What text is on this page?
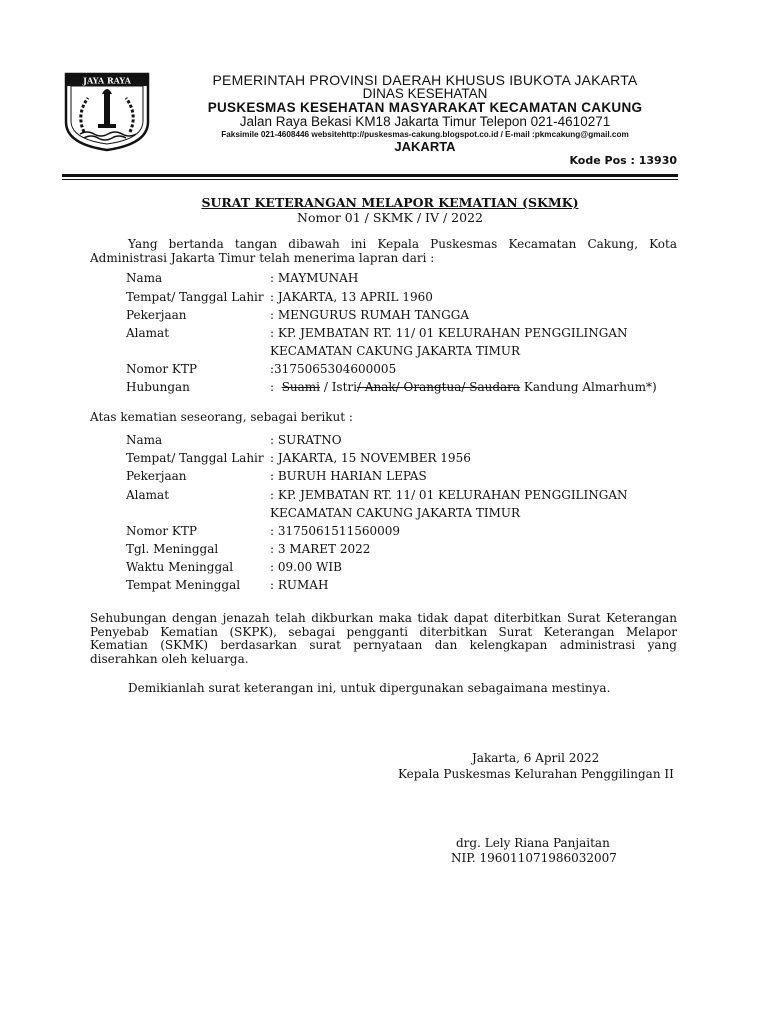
JAYA RAYA	PEMERINTAH PROVINSI DAERAH KHUSUS IBUKOTA JAKARTA
DINAS KESEHATAN
PUSKESMAS KESEHATAN MASYARAKAT KECAMATAN CAKUNG
Jalan Raya Bekasi KM18 Jakarta Timur Telepon 021-4610271
Faksimile 021-4608446 websitehttp://puskesmas-cakung.blogspot.co.id / E-mail :pkmcakung@gmail.com
JAKARTA
Kode Pos : 13930
SURAT KETERANGAN MELAPOR KEMATIAN (SKMK)
Nomor 01 / SKMK / IV / 2022
Yang bertanda tangan dibawah ini Kepala Puskesmas Kecamatan Cakung, Kota Administrasi Jakarta Timur telah menerima lapran dari :
Nama	: MAYMUNAH
Tempat/ Tanggal Lahir : JAKARTA, 13 APRIL 1960
Pekerjaan	: MENGURUS RUMAH TANGGA
Alamat	: KP. JEMBATAN RT. 11/ 01 KELURAHAN PENGGILINGAN
KECAMATAN CAKUNG JAKARTA TIMUR
Nomor KTP	:3175065304600005
Hubungan	: Suami / Istri/ Anak/ Orangtua/ Saudara Kandung Almarhum*)
Atas kematian seseorang, sebagai berikut :
Nama	: SURATNO
Tempat/ Tanggal Lahir : JAKARTA, 15 NOVEMBER 1956
Pekerjaan	: BURUH HARIAN LEPAS
Alamat	: KP. JEMBATAN RT. 11/ 01 KELURAHAN PENGGILINGAN
KECAMATAN CAKUNG JAKARTA TIMUR
Nomor KTP	: 3175061511560009
Tgl. Meninggal	: 3 MARET 2022
Waktu Meninggal	: 09.00 WIB
Tempat Meninggal : RUMAH
Sehubungan dengan jenazah telah dikburkan maka tidak dapat diterbitkan Surat Keterangan Penyebab Kematian (SKPK), sebagai pengganti diterbitkan Surat Keterangan Melapor Kematian (SKMK) berdasarkan surat pernyataan dan kelengkapan administrasi yang diserahkan oleh keluarga.
Demikianlah surat keterangan ini, untuk dipergunakan sebagaimana mestinya.
Jakarta, 6 April 2022
Kepala Puskesmas Kelurahan Penggilingan II
drg. Lely Riana Panjaitan
NIP. 196011071986032007
